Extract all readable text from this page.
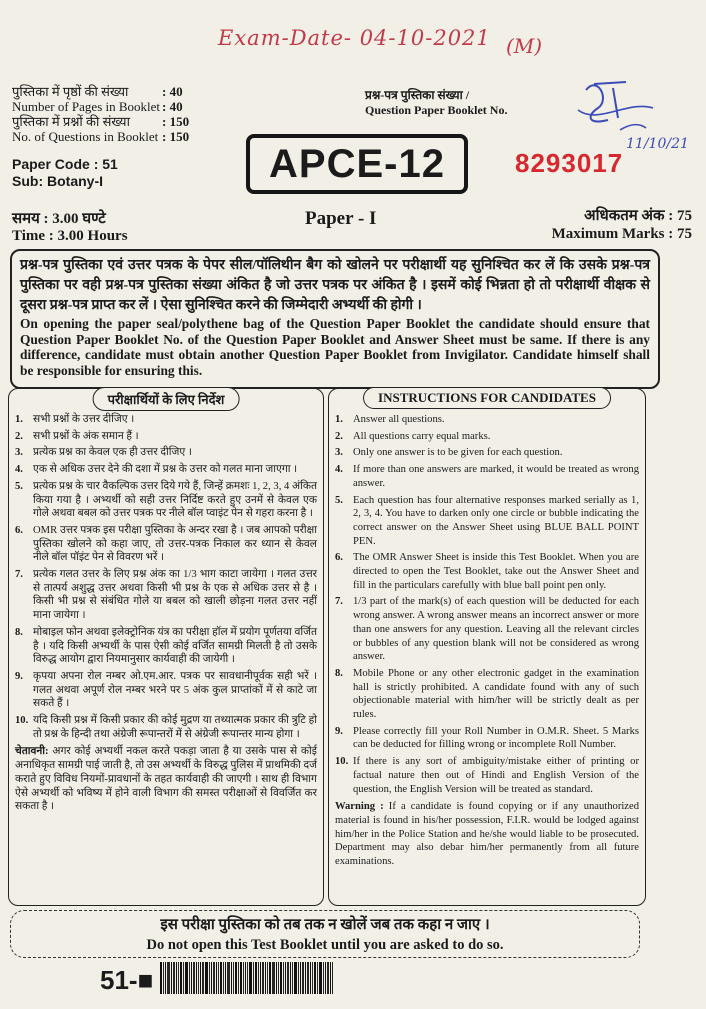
Exam-Date- 04-10-2021 (M)
11/10/21
पुस्तिका में पृष्ठों की संख्या	: 40
Number of Pages in Booklet : 40
पुस्तिका में प्रश्नों की संख्या	: 150
No. of Questions in Booklet : 150
Paper Code : 51
Sub: Botany-I
प्रश्न-पत्र पुस्तिका संख्या /
Question Paper Booklet No.
APCE-12	8293017
समय : 3.00 घण्टे
Time : 3.00 Hours
Paper - I	अधिकतम अंक : 75
Maximum Marks : 75
प्रश्न-पत्र पुस्तिका एवं उत्तर पत्रक के पेपर सील/पॉलिथीन बैग को खोलने पर परीक्षार्थी यह सुनिश्चित कर लें कि उसके प्रश्न-पत्र पुस्तिका पर वही प्रश्न-पत्र पुस्तिका संख्या अंकित है जो उत्तर पत्रक पर अंकित है । इसमें कोई भिन्नता हो तो परीक्षार्थी वीक्षक से दूसरा प्रश्न-पत्र प्राप्त कर लें । ऐसा सुनिश्चित करने की जिम्मेदारी अभ्यर्थी की होगी ।
On opening the paper seal/polythene bag of the Question Paper Booklet the candidate should ensure that Question Paper Booklet No. of the Question Paper Booklet and Answer Sheet must be same. If there is any difference, candidate must obtain another Question Paper Booklet from Invigilator. Candidate himself shall be responsible for ensuring this.
परीक्षार्थियों के लिए निर्देश
1. सभी प्रश्नों के उत्तर दीजिए ।
2. सभी प्रश्नों के अंक समान हैं ।
3. प्रत्येक प्रश्न का केवल एक ही उत्तर दीजिए ।
4. एक से अधिक उत्तर देने की दशा में प्रश्न के उत्तर को गलत माना जाएगा ।
5. प्रत्येक प्रश्न के चार वैकल्पिक उत्तर दिये गये हैं, जिन्हें क्रमशः 1, 2, 3, 4 अंकित किया गया है । अभ्यर्थी को सही उत्तर निर्दिष्ट करते हुए उनमें से केवल एक गोले अथवा बबल को उत्तर पत्रक पर नीले बॉल प्वाइंट पेन से गहरा करना है ।
6. OMR उत्तर पत्रक इस परीक्षा पुस्तिका के अन्दर रखा है । जब आपको परीक्षा पुस्तिका खोलने को कहा जाए, तो उत्तर-पत्रक निकाल कर ध्यान से केवल नीले बॉल पॉइंट पेन से विवरण भरें ।
7. प्रत्येक गलत उत्तर के लिए प्रश्न अंक का 1/3 भाग काटा जायेगा । गलत उत्तर से तात्पर्य अशुद्ध उत्तर अथवा किसी भी प्रश्न के एक से अधिक उत्तर से है । किसी भी प्रश्न से संबंधित गोले या बबल को खाली छोड़ना गलत उत्तर नहीं माना जायेगा ।
8. मोबाइल फोन अथवा इलेक्ट्रोनिक यंत्र का परीक्षा हॉल में प्रयोग पूर्णतया वर्जित है । यदि किसी अभ्यर्थी के पास ऐसी कोई वर्जित सामग्री मिलती है तो उसके विरुद्ध आयोग द्वारा नियमानुसार कार्यवाही की जायेगी ।
9. कृपया अपना रोल नम्बर ओ.एम.आर. पत्रक पर सावधानीपूर्वक सही भरें । गलत अथवा अपूर्ण रोल नम्बर भरने पर 5 अंक कुल प्राप्तांकों में से काटे जा सकते हैं ।
10. यदि किसी प्रश्न में किसी प्रकार की कोई मुद्रण या तथ्यात्मक प्रकार की त्रुटि हो तो प्रश्न के हिन्दी तथा अंग्रेजी रूपान्तरों में से अंग्रेजी रूपान्तर मान्य होगा ।
चेतावनी: अगर कोई अभ्यर्थी नकल करते पकड़ा जाता है या उसके पास से कोई अनाधिकृत सामग्री पाई जाती है, तो उस अभ्यर्थी के विरुद्ध पुलिस में प्राथमिकी दर्ज कराते हुए विविध नियमों-प्रावधानों के तहत कार्यवाही की जाएगी । साथ ही विभाग ऐसे अभ्यर्थी को भविष्य में होने वाली विभाग की समस्त परीक्षाओं से विवर्जित कर सकता है ।
INSTRUCTIONS FOR CANDIDATES
1. Answer all questions.
2. All questions carry equal marks.
3. Only one answer is to be given for each question.
4. If more than one answers are marked, it would be treated as wrong answer.
5. Each question has four alternative responses marked serially as 1, 2, 3, 4. You have to darken only one circle or bubble indicating the correct answer on the Answer Sheet using BLUE BALL POINT PEN.
6. The OMR Answer Sheet is inside this Test Booklet. When you are directed to open the Test Booklet, take out the Answer Sheet and fill in the particulars carefully with blue ball point pen only.
7. 1/3 part of the mark(s) of each question will be deducted for each wrong answer. A wrong answer means an incorrect answer or more than one answers for any question. Leaving all the relevant circles or bubbles of any question blank will not be considered as wrong answer.
8. Mobile Phone or any other electronic gadget in the examination hall is strictly prohibited. A candidate found with any of such objectionable material with him/her will be strictly dealt as per rules.
9. Please correctly fill your Roll Number in O.M.R. Sheet. 5 Marks can be deducted for filling wrong or incomplete Roll Number.
10. If there is any sort of ambiguity/mistake either of printing or factual nature then out of Hindi and English Version of the question, the English Version will be treated as standard.
Warning : If a candidate is found copying or if any unauthorized material is found in his/her possession, F.I.R. would be lodged against him/her in the Police Station and he/she would liable to be prosecuted. Department may also debar him/her permanently from all future examinations.
इस परीक्षा पुस्तिका को तब तक न खोलें जब तक कहा न जाए ।
Do not open this Test Booklet until you are asked to do so.
51-■
